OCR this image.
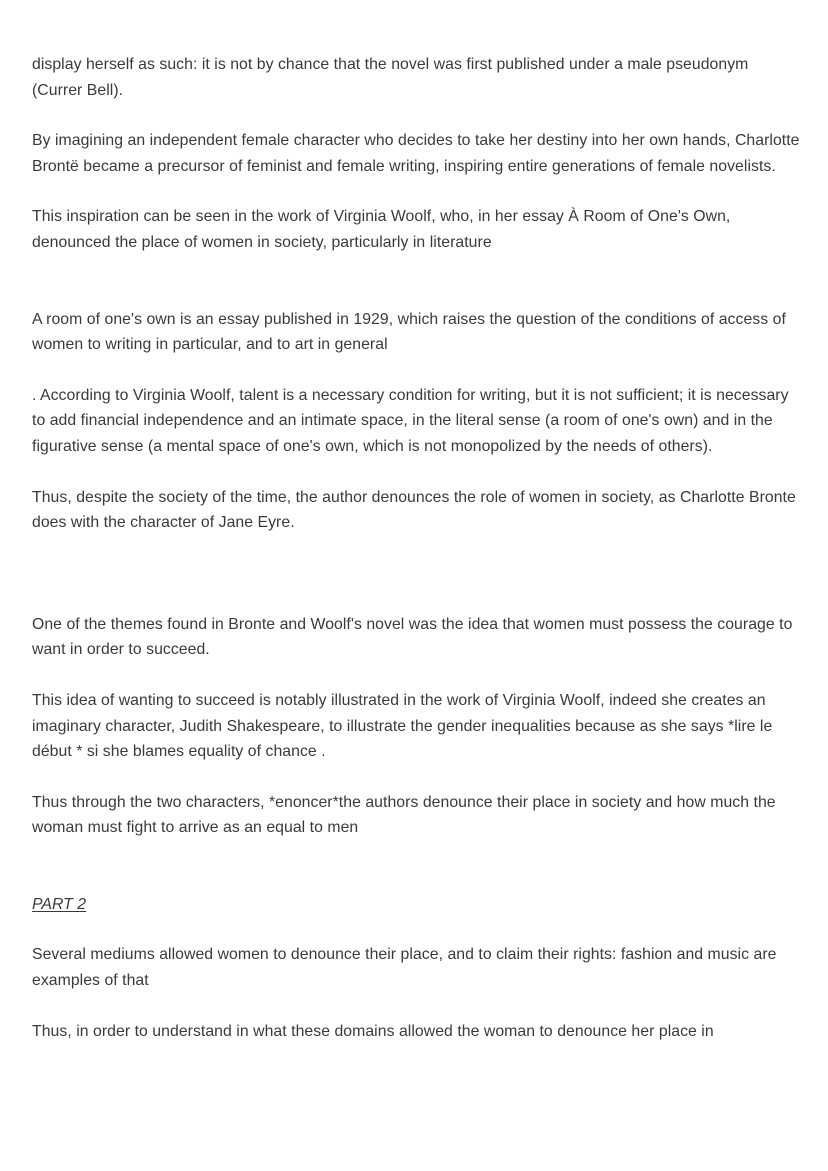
display herself as such: it is not by chance that the novel was first published under a male pseudonym (Currer Bell).

By imagining an independent female character who decides to take her destiny into her own hands, Charlotte Brontë became a precursor of feminist and female writing, inspiring entire generations of female novelists.

This inspiration can be seen in the work of Virginia Woolf, who, in her essay À Room of One's Own, denounced the place of women in society, particularly in literature

A room of one's own is an essay published in 1929, which raises the question of the conditions of access of women to writing in particular, and to art in general

. According to Virginia Woolf, talent is a necessary condition for writing, but it is not sufficient; it is necessary to add financial independence and an intimate space, in the literal sense (a room of one's own) and in the figurative sense (a mental space of one's own, which is not monopolized by the needs of others).

Thus, despite the society of the time, the author denounces the role of women in society, as Charlotte Bronte does with the character of Jane Eyre.

One of the themes found in Bronte and Woolf's novel was the idea that women must possess the courage to want in order to succeed.

This idea of wanting to succeed is notably illustrated in the work of Virginia Woolf, indeed she creates an imaginary character, Judith Shakespeare, to illustrate the gender inequalities because as she says *lire le début * si she blames equality of chance .

Thus through the two characters, *enoncer*the authors denounce their place in society and how much the woman must fight to arrive as an equal to men

PART 2

Several mediums allowed women to denounce their place, and to claim their rights: fashion and music are examples of that

Thus, in order to understand in what these domains allowed the woman to denounce her place in
